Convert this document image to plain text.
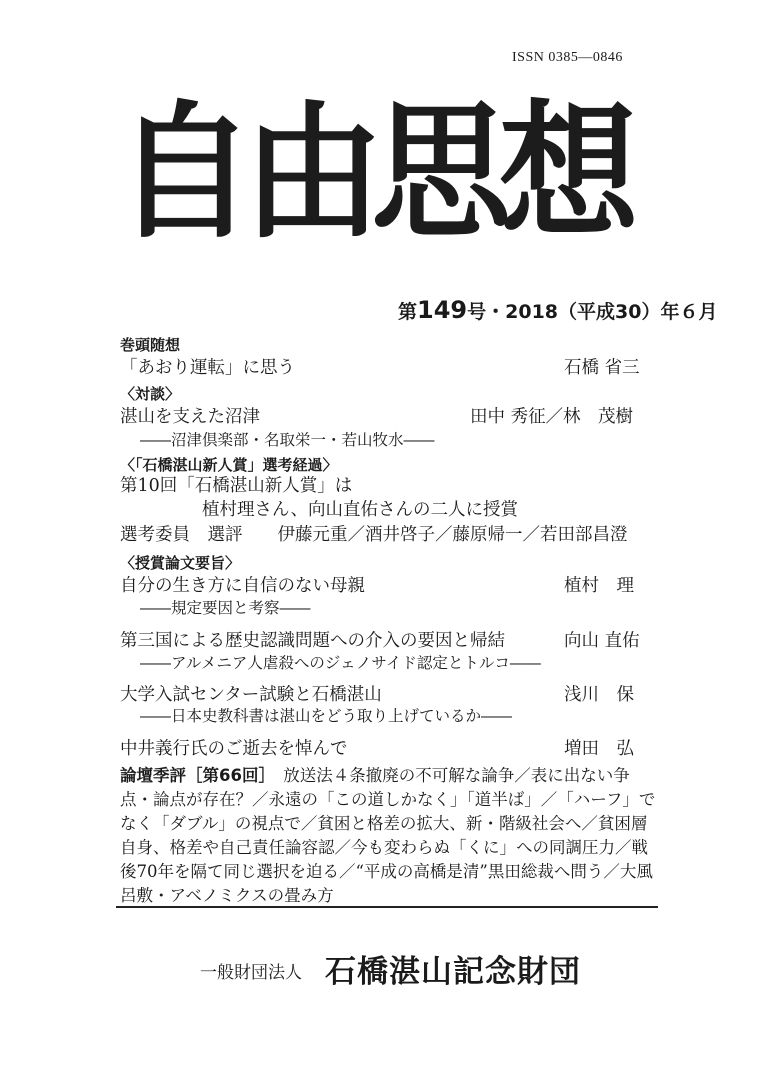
ISSN 0385―0846
自
由
思
想
第149号・2018（平成30）年６月
巻頭随想
「あおり運転」に思う	石橋 省三
〈対談〉
湛山を支えた沼津	田中 秀征／林　茂樹
――沼津倶楽部・名取栄一・若山牧水――
〈「石橋湛山新人賞」選考経過〉
第10回「石橋湛山新人賞」は
植村理さん、向山直佑さんの二人に授賞
選考委員　選評　　伊藤元重／酒井啓子／藤原帰一／若田部昌澄
〈授賞論文要旨〉
自分の生き方に自信のない母親	植村　理
――規定要因と考察――
第三国による歴史認識問題への介入の要因と帰結	向山 直佑
――アルメニア人虐殺へのジェノサイド認定とトルコ――
大学入試センター試験と石橋湛山	浅川　保
――日本史教科書は湛山をどう取り上げているか――
中井義行氏のご逝去を悼んで	増田　弘
論壇季評［第66回］　 放送法４条撤廃の不可解な論争／表に出ない争点・論点が存在？／永遠の「この道しかなく」「道半ば」／「ハーフ」でなく「ダブル」の視点で／貧困と格差の拡大、新・階級社会へ／貧困層自身、格差や自己責任論容認／今も変わらぬ「くに」への同調圧力／戦後70年を隔て同じ選択を迫る／“平成の高橋是清”黒田総裁へ問う／大風呂敷・アベノミクスの畳み方
一般財団法人 石橋湛山記念財団
